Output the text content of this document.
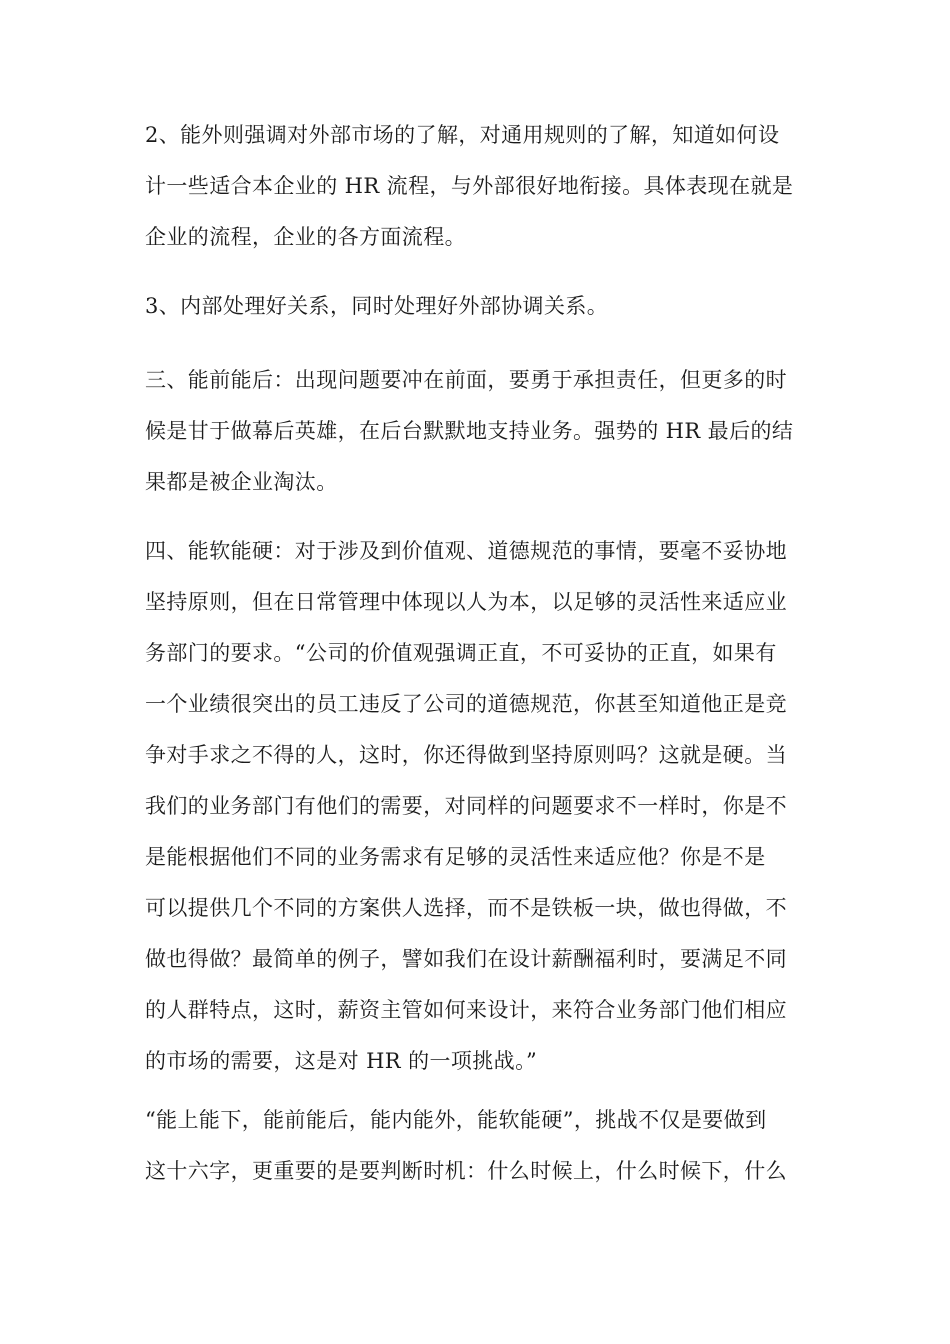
2、能外则强调对外部市场的了解，对通用规则的了解，知道如何设
计一些适合本企业的 HR 流程，与外部很好地衔接。具体表现在就是
企业的流程，企业的各方面流程。
3、内部处理好关系，同时处理好外部协调关系。
三、能前能后：出现问题要冲在前面，要勇于承担责任，但更多的时
候是甘于做幕后英雄，在后台默默地支持业务。强势的 HR 最后的结
果都是被企业淘汰。
四、能软能硬：对于涉及到价值观、道德规范的事情，要毫不妥协地
坚持原则，但在日常管理中体现以人为本，以足够的灵活性来适应业
务部门的要求。“公司的价值观强调正直，不可妥协的正直，如果有
一个业绩很突出的员工违反了公司的道德规范，你甚至知道他正是竞
争对手求之不得的人，这时，你还得做到坚持原则吗？这就是硬。当
我们的业务部门有他们的需要，对同样的问题要求不一样时，你是不
是能根据他们不同的业务需求有足够的灵活性来适应他？你是不是
可以提供几个不同的方案供人选择，而不是铁板一块，做也得做，不
做也得做？最简单的例子，譬如我们在设计薪酬福利时，要满足不同
的人群特点，这时，薪资主管如何来设计，来符合业务部门他们相应
的市场的需要，这是对 HR 的一项挑战。”
“能上能下，能前能后，能内能外，能软能硬”，挑战不仅是要做到
这十六字，更重要的是要判断时机：什么时候上，什么时候下，什么
